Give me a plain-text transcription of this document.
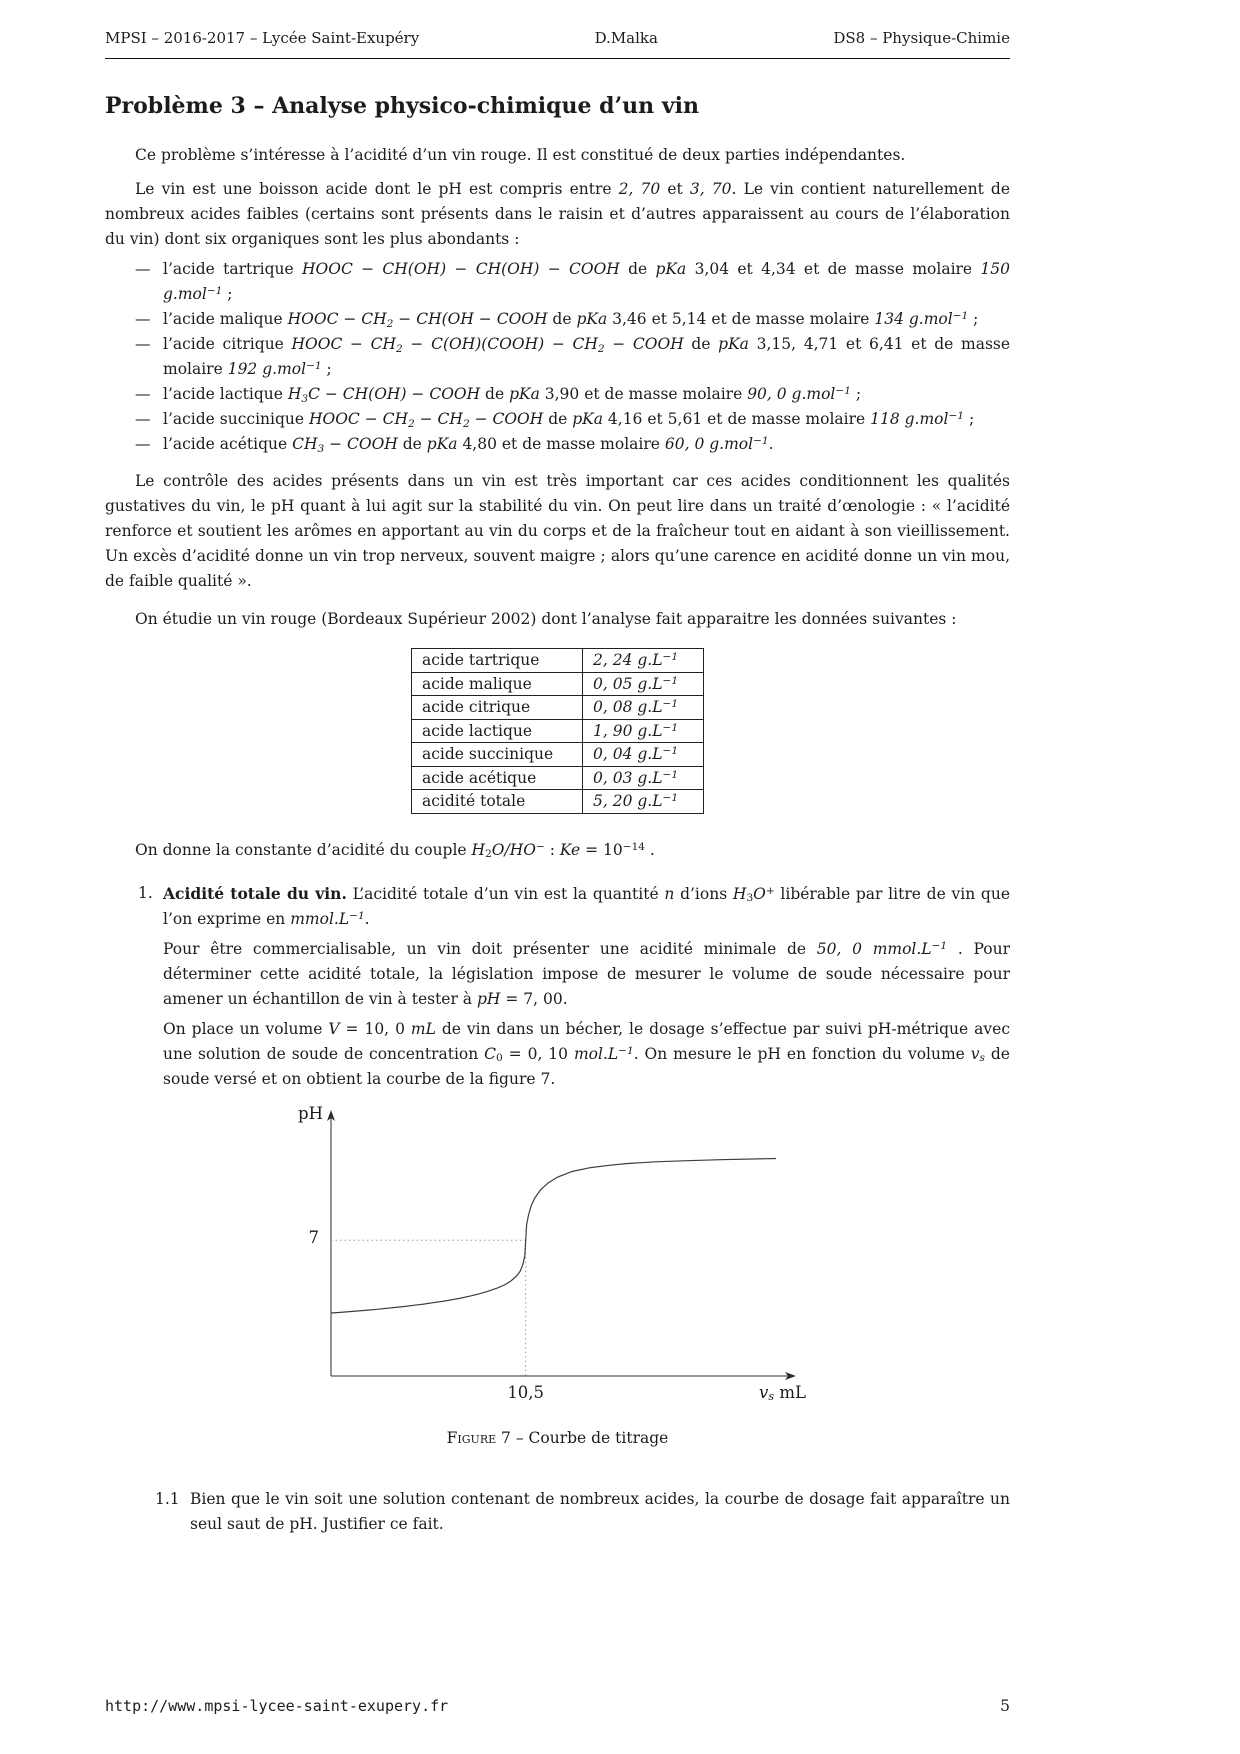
MPSI – 2016-2017 – Lycée Saint-Exupéry	D.Malka	DS8 – Physique-Chimie
Problème 3 – Analyse physico-chimique d’un vin

Ce problème s’intéresse à l’acidité d’un vin rouge. Il est constitué de deux parties indépendantes.

Le vin est une boisson acide dont le pH est compris entre 2, 70 et 3, 70. Le vin contient naturellement de nombreux acides faibles (certains sont présents dans le raisin et d’autres apparaissent au cours de l’élaboration du vin) dont six organiques sont les plus abondants :

— l’acide tartrique HOOC − CH(OH) − CH(OH) − COOH de pKa 3,04 et 4,34 et de masse molaire 150 g.mol$^{-1}$ ;
— l’acide malique HOOC − $CH_2 - CH(OH$ − COOH de pKa 3,46 et 5,14 et de masse molaire 134 g.mol$^{-1}$ ;
— l’acide citrique HOOC − $CH_2$ − C(OH)(COOH) − $CH_2$ − COOH de pKa 3,15, 4,71 et 6,41 et de masse molaire 192 g.mol$^{-1}$ ;
— l’acide lactique $H_3C - CH(OH)$ − COOH de pKa 3,90 et de masse molaire 90, 0 g.mol$^{-1}$ ;
— l’acide succinique HOOC − $CH_2 - CH_2$ − COOH de pKa 4,16 et 5,61 et de masse molaire 118 g.mol$^{-1}$ ;
— l’acide acétique $CH_3$ − COOH de pKa 4,80 et de masse molaire 60, 0 g.mol$^{-1}$.

Le contrôle des acides présents dans un vin est très important car ces acides conditionnent les qualités gustatives du vin, le pH quant à lui agit sur la stabilité du vin. On peut lire dans un traité d’œnologie : « l’acidité renforce et soutient les arômes en apportant au vin du corps et de la fraîcheur tout en aidant à son vieillissement. Un excès d’acidité donne un vin trop nerveux, souvent maigre ; alors qu’une carence en acidité donne un vin mou, de faible qualité ».

On étudie un vin rouge (Bordeaux Supérieur 2002) dont l’analyse fait apparaitre les données suivantes :

acide tartrique	2, 24 $g.L^{-1}$
acide malique	0, 05 $g.L^{-1}$
acide citrique	0, 08 $g.L^{-1}$
acide lactique	1, 90 $g.L^{-1}$
acide succinique	0, 04 $g.L^{-1}$
acide acétique	0, 03 $g.L^{-1}$
acidité totale	5, 20 $g.L^{-1}$

On donne la constante d’acidité du couple $H_2O/HO^-$ : $Ke = 10^{-14}$ .

1. Acidité totale du vin. L’acidité totale d’un vin est la quantité n d’ions $H_3O^+$ libérable par litre de vin que l’on exprime en $mmol.L^{-1}$.

Pour être commercialisable, un vin doit présenter une acidité minimale de 50, 0 $mmol.L^{-1}$ . Pour déterminer cette acidité totale, la législation impose de mesurer le volume de soude nécessaire pour amener un échantillon de vin à tester à pH = 7, 00.

On place un volume V = 10, 0 mL de vin dans un bécher, le dosage s’effectue par suivi pH-métrique avec une solution de soude de concentration $C_0 = 0$, 10 $mol.L^{-1}$. On mesure le pH en fonction du volume $v_s$ de soude versé et on obtient la courbe de la figure 7.

pH
7
10,5	$v_s$ mL
Figure 7 – Courbe de titrage
1.1 Bien que le vin soit une solution contenant de nombreux acides, la courbe de dosage fait apparaître un seul saut de pH. Justifier ce fait.

http://www.mpsi-lycee-saint-exupery.fr	5
